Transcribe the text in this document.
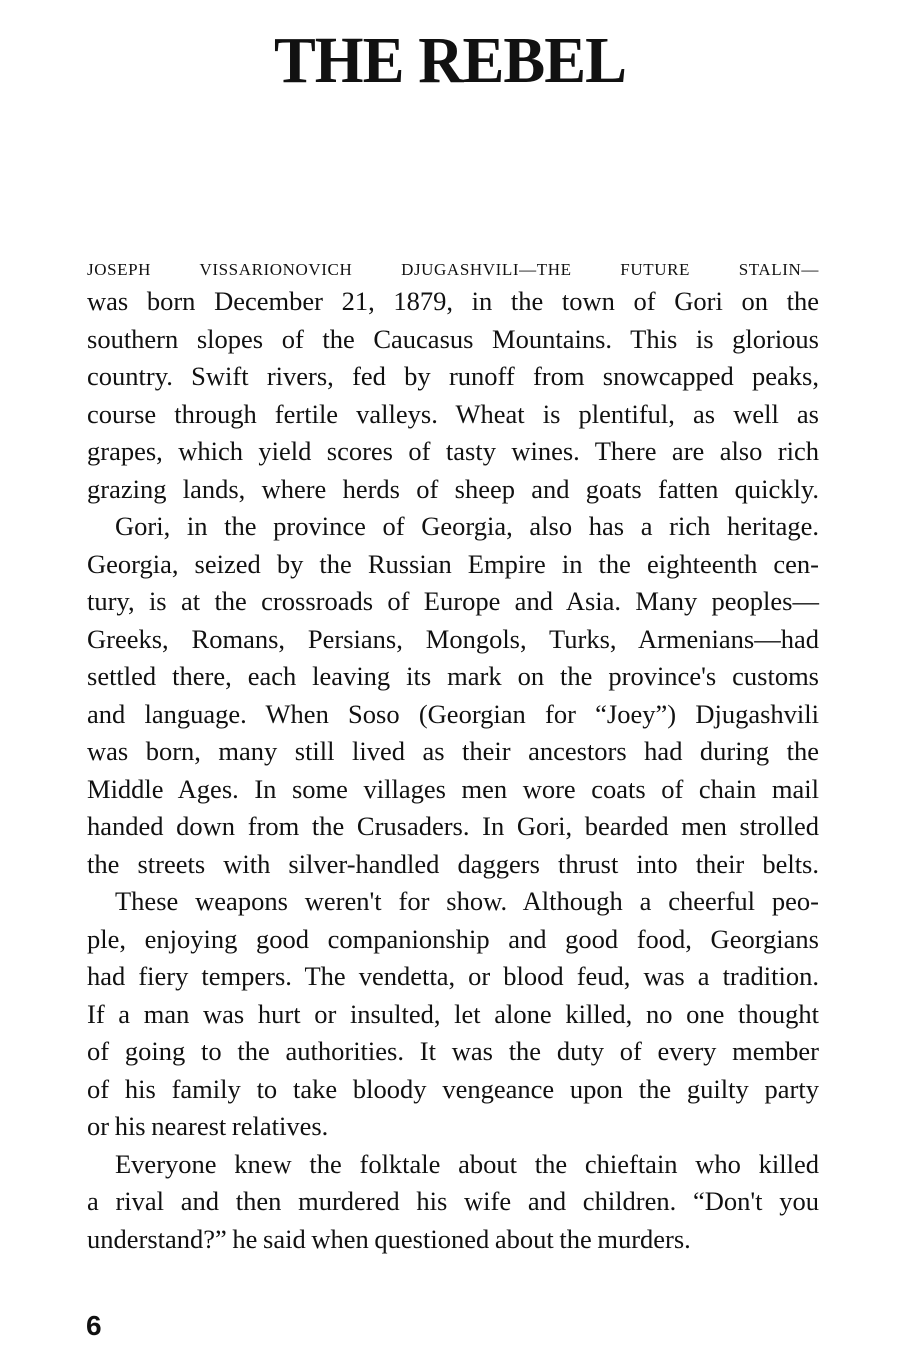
THE REBEL
JOSEPH VISSARIONOVICH DJUGASHVILI—THE FUTURE STALIN—
was born December 21, 1879, in the town of Gori on the
southern slopes of the Caucasus Mountains. This is glorious
country. Swift rivers, fed by runoff from snowcapped peaks,
course through fertile valleys. Wheat is plentiful, as well as
grapes, which yield scores of tasty wines. There are also rich
grazing lands, where herds of sheep and goats fatten quickly.
Gori, in the province of Georgia, also has a rich heritage.
Georgia, seized by the Russian Empire in the eighteenth cen-
tury, is at the crossroads of Europe and Asia. Many peoples—
Greeks, Romans, Persians, Mongols, Turks, Armenians—had
settled there, each leaving its mark on the province's customs
and language. When Soso (Georgian for “Joey”) Djugashvili
was born, many still lived as their ancestors had during the
Middle Ages. In some villages men wore coats of chain mail
handed down from the Crusaders. In Gori, bearded men strolled
the streets with silver-handled daggers thrust into their belts.
These weapons weren't for show. Although a cheerful peo-
ple, enjoying good companionship and good food, Georgians
had fiery tempers. The vendetta, or blood feud, was a tradition.
If a man was hurt or insulted, let alone killed, no one thought
of going to the authorities. It was the duty of every member
of his family to take bloody vengeance upon the guilty party
or his nearest relatives.
Everyone knew the folktale about the chieftain who killed
a rival and then murdered his wife and children. “Don't you
understand?” he said when questioned about the murders.
6
